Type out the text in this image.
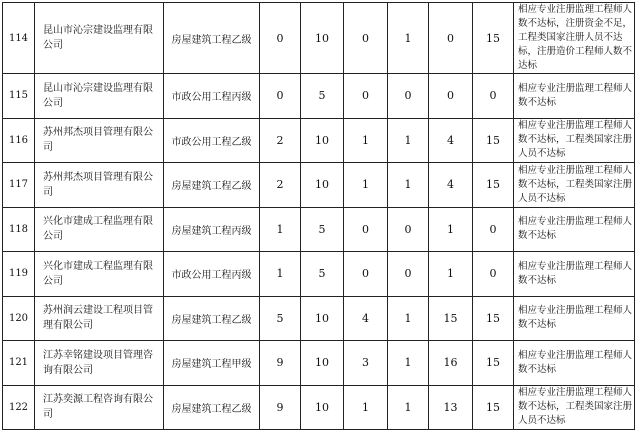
114	昆山市沁宗建设监理有限公司	房屋建筑工程乙级	0	10	0	1	0	15	相应专业注册监理工程师人数不达标，注册资金不足，工程类国家注册人员不达标，注册造价工程师人数不达标
115	昆山市沁宗建设监理有限公司	市政公用工程丙级	0	5	0	0	0	0	相应专业注册监理工程师人数不达标
116	苏州邦杰项目管理有限公司	市政公用工程乙级	2	10	1	1	4	15	相应专业注册监理工程师人数不达标，工程类国家注册人员不达标
117	苏州邦杰项目管理有限公司	房屋建筑工程乙级	2	10	1	1	4	15	相应专业注册监理工程师人数不达标，工程类国家注册人员不达标
118	兴化市建成工程监理有限公司	房屋建筑工程丙级	1	5	0	0	1	0	相应专业注册监理工程师人数不达标
119	兴化市建成工程监理有限公司	市政公用工程丙级	1	5	0	0	1	0	相应专业注册监理工程师人数不达标
120	苏州润云建设工程项目管理有限公司	房屋建筑工程乙级	5	10	4	1	15	15	相应专业注册监理工程师人数不达标
121	江苏幸铭建设项目管理咨询有限公司	房屋建筑工程甲级	9	10	3	1	16	15	相应专业注册监理工程师人数不达标
122	江苏奕源工程咨询有限公司	房屋建筑工程乙级	9	10	1	1	13	15	相应专业注册监理工程师人数不达标，工程类国家注册人员不达标
